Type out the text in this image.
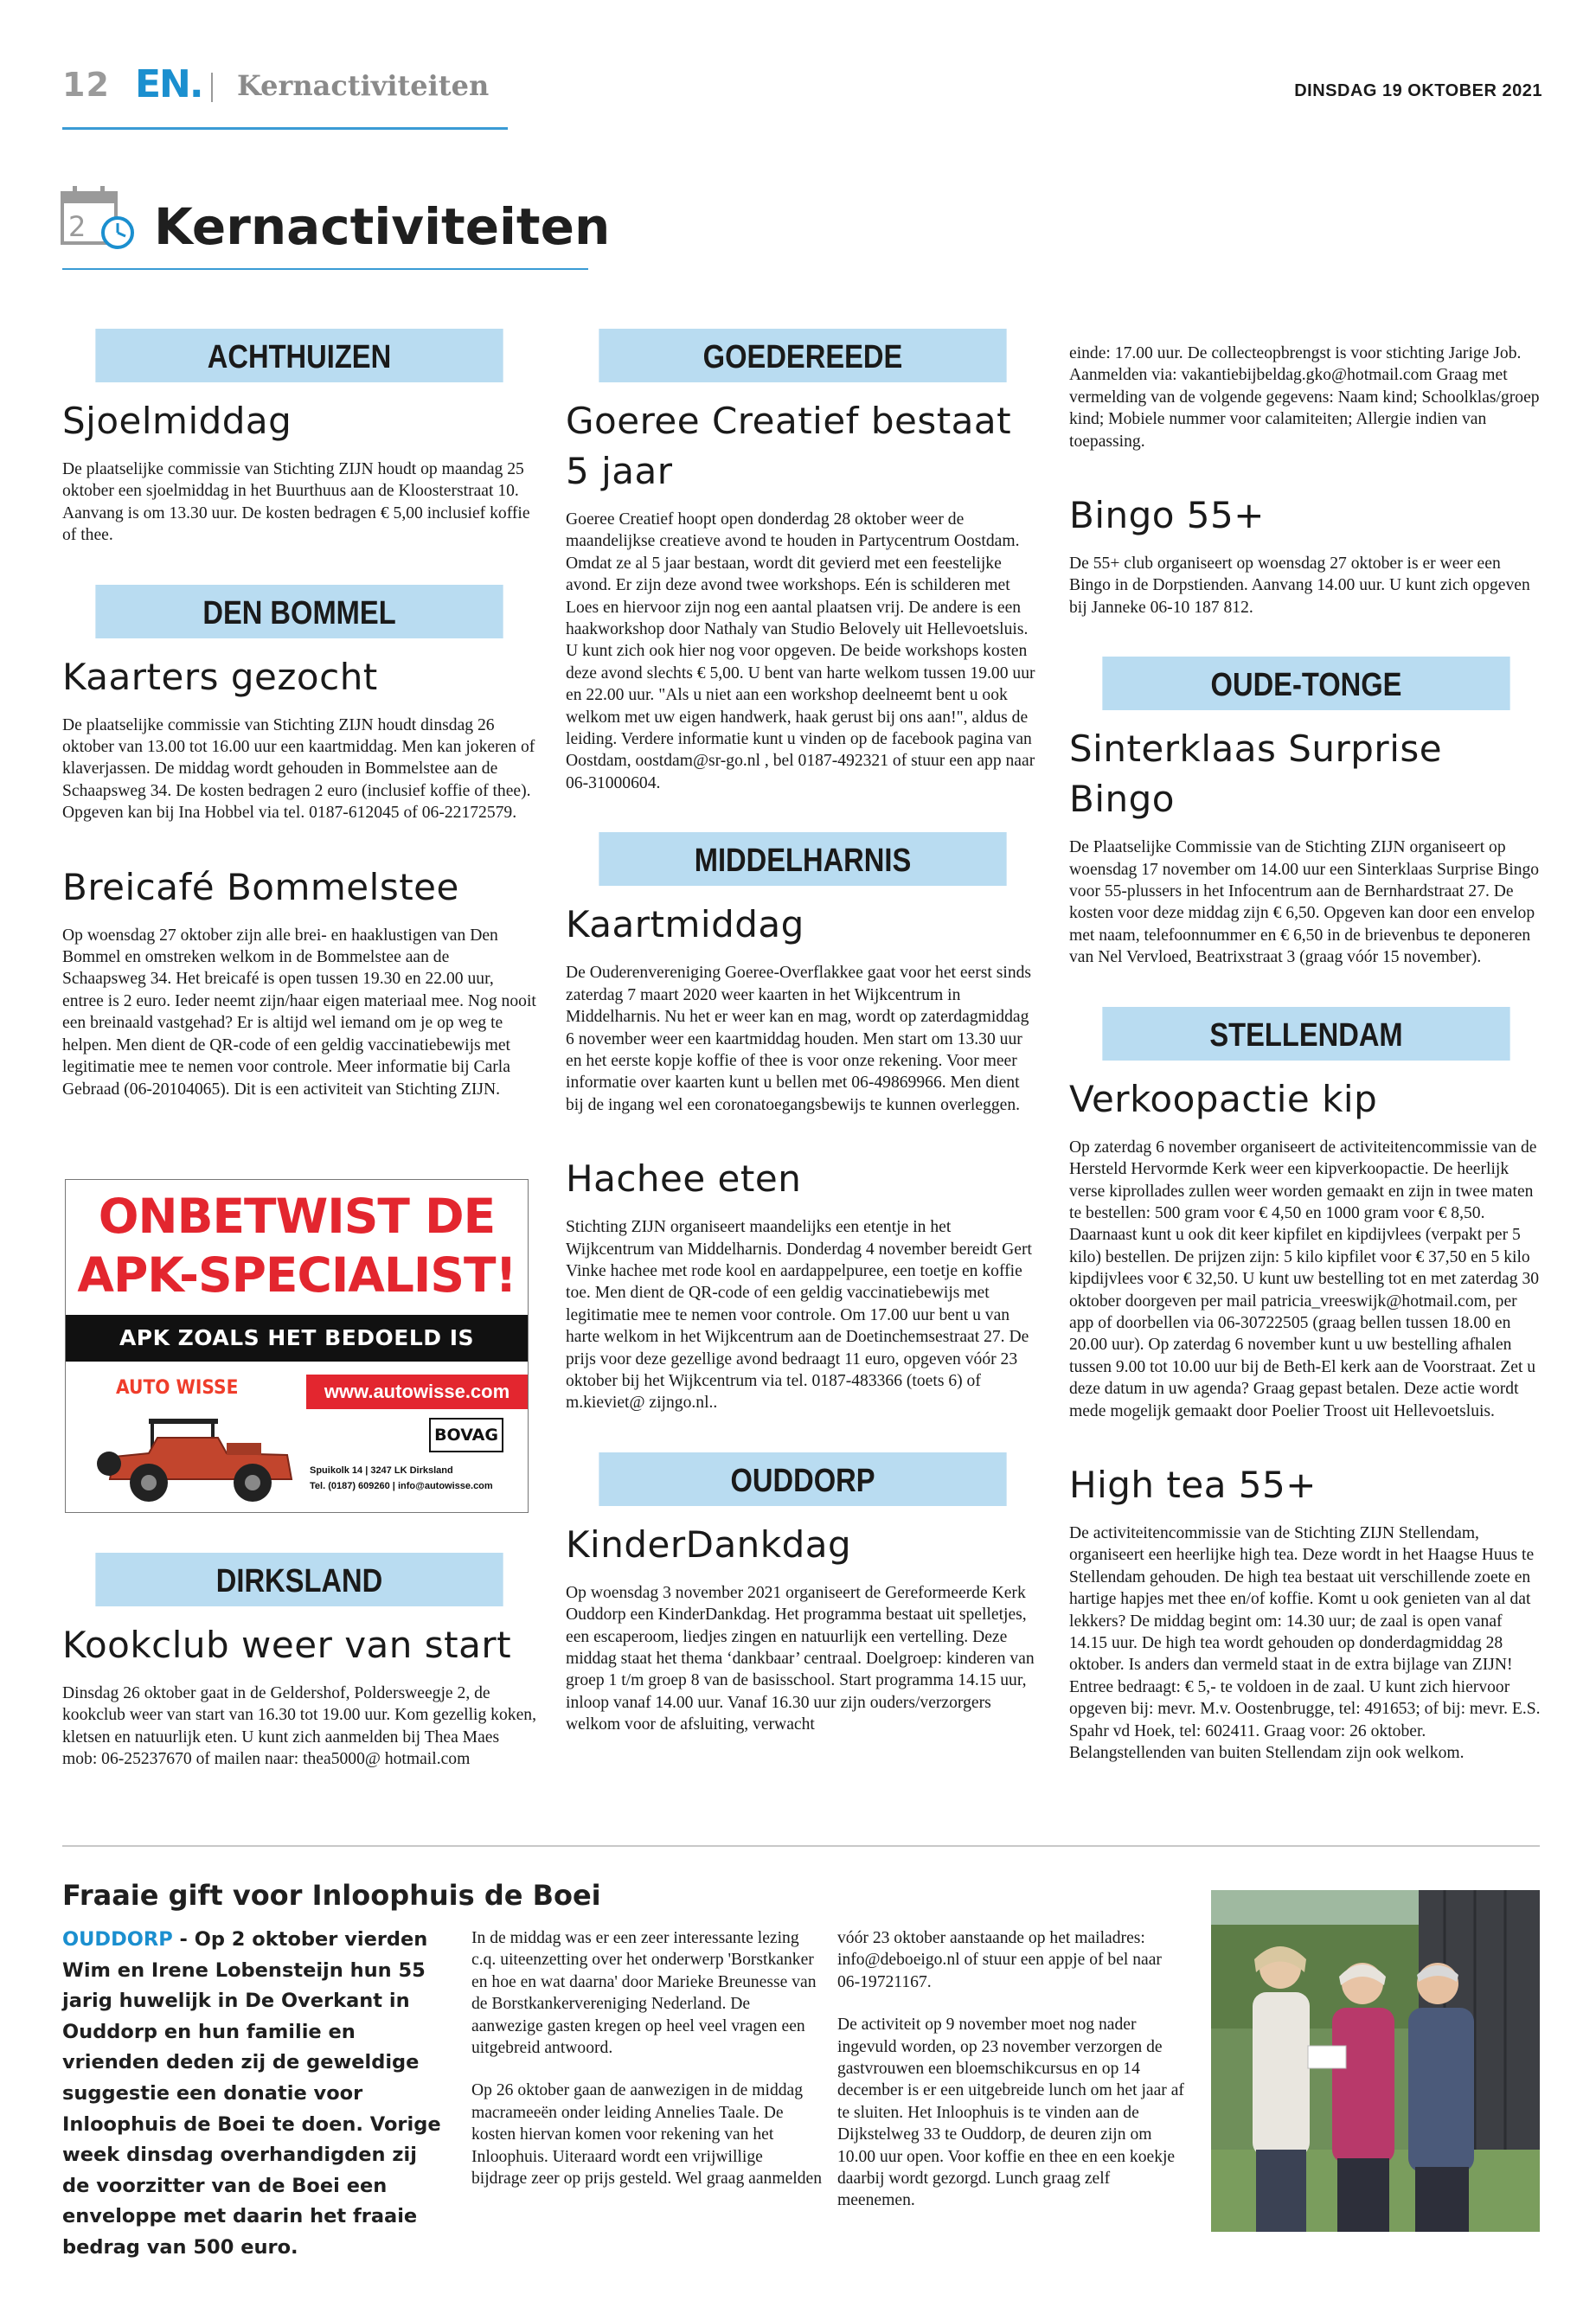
12 EN. Kernactiviteiten	DINSDAG 19 OKTOBER 2021
2 Kernactiviteiten
ACHTHUIZEN
Sjoelmiddag

De plaatselijke commissie van Stichting ZIJN houdt op maandag 25 oktober een sjoelmiddag in het Buurthuus aan de Kloosterstraat 10. Aanvang is om 13.30 uur. De kosten bedragen € 5,00 inclusief koffie of thee.

DEN BOMMEL
Kaarters gezocht

De plaatselijke commissie van Stichting ZIJN houdt dinsdag 26 oktober van 13.00 tot 16.00 uur een kaartmiddag. Men kan jokeren of klaverjassen. De middag wordt gehouden in Bommelstee aan de Schaapsweg 34. De kosten bedragen 2 euro (inclusief koffie of thee). Opgeven kan bij Ina Hobbel via tel. 0187-612045 of 06-22172579.

Breicafé Bommelstee

Op woensdag 27 oktober zijn alle brei- en haaklustigen van Den Bommel en omstreken welkom in de Bommelstee aan de Schaapsweg 34. Het breicafé is open tussen 19.30 en 22.00 uur, entree is 2 euro. Ieder neemt zijn/haar eigen materiaal mee. Nog nooit een breinaald vastgehad? Er is altijd wel iemand om je op weg te helpen. Men dient de QR-code of een geldig vaccinatiebewijs met legitimatie mee te nemen voor controle. Meer informatie bij Carla Gebraad (06-20104065). Dit is een activiteit van Stichting ZIJN.

ONBETWIST DE
APK-SPECIALIST!
APK ZOALS HET BEDOELD IS
AUTO WISSE	www.autowisse.com
BOVAG
Spuikolk 14 | 3247 LK Dirksland
Tel. (0187) 609260 | info@autowisse.com
DIRKSLAND
Kookclub weer van start

Dinsdag 26 oktober gaat in de Geldershof, Poldersweegje 2, de kookclub weer van start van 16.30 tot 19.00 uur. Kom gezellig koken, kletsen en natuurlijk eten. U kunt zich aanmelden bij Thea Maes mob: 06-25237670 of mailen naar: thea5000@ hotmail.com

GOEDEREEDE
Goeree Creatief bestaat 5 jaar

Goeree Creatief hoopt open donderdag 28 oktober weer de maandelijkse creatieve avond te houden in Partycentrum Oostdam. Omdat ze al 5 jaar bestaan, wordt dit gevierd met een feestelijke avond. Er zijn deze avond twee workshops. Eén is schilderen met Loes en hiervoor zijn nog een aantal plaatsen vrij. De andere is een haakworkshop door Nathaly van Studio Belovely uit Hellevoetsluis. U kunt zich ook hier nog voor opgeven. De beide workshops kosten deze avond slechts € 5,00. U bent van harte welkom tussen 19.00 uur en 22.00 uur. "Als u niet aan een workshop deelneemt bent u ook welkom met uw eigen handwerk, haak gerust bij ons aan!", aldus de leiding. Verdere informatie kunt u vinden op de facebook pagina van Oostdam, oostdam@sr-go.nl , bel 0187-492321 of stuur een app naar 06-31000604.

MIDDELHARNIS
Kaartmiddag

De Ouderenvereniging Goeree-Overflakkee gaat voor het eerst sinds zaterdag 7 maart 2020 weer kaarten in het Wijkcentrum in Middelharnis. Nu het er weer kan en mag, wordt op zaterdagmiddag 6 november weer een kaartmiddag houden. Men start om 13.30 uur en het eerste kopje koffie of thee is voor onze rekening. Voor meer informatie over kaarten kunt u bellen met 06-49869966. Men dient bij de ingang wel een coronatoegangsbewijs te kunnen overleggen.

Hachee eten

Stichting ZIJN organiseert maandelijks een etentje in het Wijkcentrum van Middelharnis. Donderdag 4 november bereidt Gert Vinke hachee met rode kool en aardappelpuree, een toetje en koffie toe. Men dient de QR-code of een geldig vaccinatiebewijs met legitimatie mee te nemen voor controle. Om 17.00 uur bent u van harte welkom in het Wijkcentrum aan de Doetinchemsestraat 27. De prijs voor deze gezellige avond bedraagt 11 euro, opgeven vóór 23 oktober bij het Wijkcentrum via tel. 0187-483366 (toets 6) of m.kieviet@ zijngo.nl..

OUDDORP
KinderDankdag

Op woensdag 3 november 2021 organiseert de Gereformeerde Kerk Ouddorp een KinderDankdag. Het programma bestaat uit spelletjes, een escaperoom, liedjes zingen en natuurlijk een vertelling. Deze middag staat het thema ‘dankbaar’ centraal. Doelgroep: kinderen van groep 1 t/m groep 8 van de basisschool. Start programma 14.15 uur, inloop vanaf 14.00 uur. Vanaf 16.30 uur zijn ouders/verzorgers welkom voor de afsluiting, verwacht

einde: 17.00 uur. De collecteopbrengst is voor stichting Jarige Job. Aanmelden via: vakantiebijbeldag.gko@hotmail.com Graag met vermelding van de volgende gegevens: Naam kind; Schoolklas/groep kind; Mobiele nummer voor calamiteiten; Allergie indien van toepassing.

Bingo 55+

De 55+ club organiseert op woensdag 27 oktober is er weer een Bingo in de Dorpstienden. Aanvang 14.00 uur. U kunt zich opgeven bij Janneke 06-10 187 812.

OUDE-TONGE
Sinterklaas Surprise Bingo

De Plaatselijke Commissie van de Stichting ZIJN organiseert op woensdag 17 november om 14.00 uur een Sinterklaas Surprise Bingo voor 55-plussers in het Infocentrum aan de Bernhardstraat 27. De kosten voor deze middag zijn € 6,50. Opgeven kan door een envelop met naam, telefoonnummer en € 6,50 in de brievenbus te deponeren van Nel Vervloed, Beatrixstraat 3 (graag vóór 15 november).

STELLENDAM
Verkoopactie kip

Op zaterdag 6 november organiseert de activiteitencommissie van de Hersteld Hervormde Kerk weer een kipverkoopactie. De heerlijk verse kiprollades zullen weer worden gemaakt en zijn in twee maten te bestellen: 500 gram voor € 4,50 en 1000 gram voor € 8,50. Daarnaast kunt u ook dit keer kipfilet en kipdijvlees (verpakt per 5 kilo) bestellen. De prijzen zijn: 5 kilo kipfilet voor € 37,50 en 5 kilo kipdijvlees voor € 32,50. U kunt uw bestelling tot en met zaterdag 30 oktober doorgeven per mail patricia_vreeswijk@hotmail.com, per app of doorbellen via 06-30722505 (graag bellen tussen 18.00 en 20.00 uur). Op zaterdag 6 november kunt u uw bestelling afhalen tussen 9.00 tot 10.00 uur bij de Beth-El kerk aan de Voorstraat. Zet u deze datum in uw agenda? Graag gepast betalen. Deze actie wordt mede mogelijk gemaakt door Poelier Troost uit Hellevoetsluis.

High tea 55+

De activiteitencommissie van de Stichting ZIJN Stellendam, organiseert een heerlijke high tea. Deze wordt in het Haagse Huus te Stellendam gehouden. De high tea bestaat uit verschillende zoete en hartige hapjes met thee en/of koffie. Komt u ook genieten van al dat lekkers? De middag begint om: 14.30 uur; de zaal is open vanaf 14.15 uur. De high tea wordt gehouden op donderdagmiddag 28 oktober. Is anders dan vermeld staat in de extra bijlage van ZIJN! Entree bedraagt: € 5,- te voldoen in de zaal. U kunt zich hiervoor opgeven bij: mevr. M.v. Oostenbrugge, tel: 491653; of bij: mevr. E.S. Spahr vd Hoek, tel: 602411. Graag voor: 26 oktober. Belangstellenden van buiten Stellendam zijn ook welkom.

Fraaie gift voor Inloophuis de Boei
OUDDORP - Op 2 oktober vierden Wim en Irene Lobensteijn hun 55 jarig huwelijk in De Overkant in Ouddorp en hun familie en vrienden deden zij de geweldige suggestie een donatie voor Inloophuis de Boei te doen. Vorige week dinsdag overhandigden zij de voorzitter van de Boei een enveloppe met daarin het fraaie bedrag van 500 euro.

In de middag was er een zeer interessante lezing c.q. uiteenzetting over het onderwerp 'Borstkanker en hoe en wat daarna' door Marieke Breunesse van de Borstkankervereniging Nederland. De aanwezige gasten kregen op heel veel vragen een uitgebreid antwoord.

Op 26 oktober gaan de aanwezigen in de middag macrameeën onder leiding Annelies Taale. De kosten hiervan komen voor rekening van het Inloophuis. Uiteraard wordt een vrijwillige bijdrage zeer op prijs gesteld. Wel graag aanmelden

vóór 23 oktober aanstaande op het mailadres: info@deboeigo.nl of stuur een appje of bel naar 06-19721167.

De activiteit op 9 november moet nog nader ingevuld worden, op 23 november verzorgen de gastvrouwen een bloemschikcursus en op 14 december is er een uitgebreide lunch om het jaar af te sluiten. Het Inloophuis is te vinden aan de Dijkstelweg 33 te Ouddorp, de deuren zijn om 10.00 uur open. Voor koffie en thee en een koekje daarbij wordt gezorgd. Lunch graag zelf meenemen.
